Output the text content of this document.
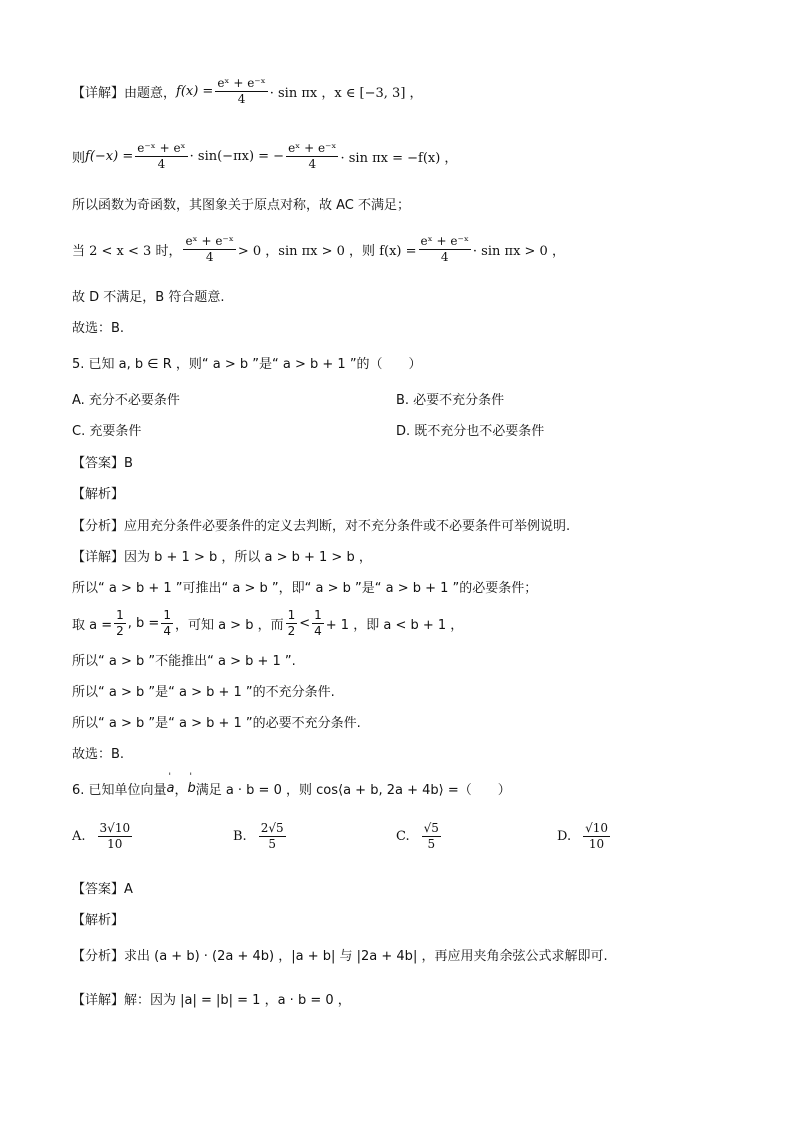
【详解】由题意， $f(x) = \frac{\text{eˣ + e⁻ˣ}}{4} \cdot \sin \pi x$ ，x ∈ [−3, 3] ，
则 $f(-x) = \frac{\text{e⁻ˣ + eˣ}}{4} \cdot \sin(-\pi x)$ = − $\frac{\text{eˣ + e⁻ˣ}}{4} \cdot \sin \pi x = -f(x)$ ，
所以函数为奇函数，其图象关于原点对称，故 AC 不满足；
当 2 < x < 3 时， $\frac{\text{eˣ + e⁻ˣ}}{4} > 0$ ，sin πx > 0 ，则 $f(x) = \frac{\text{eˣ + e⁻ˣ}}{4} \cdot \sin \pi x > 0$ ，
故 D 不满足，B 符合题意.
故选：B.
5. 已知 a, b ∈ R ，则“ a > b ”是“ a > b + 1 ”的（　　）
A. 充分不必要条件	B. 必要不充分条件
C. 充要条件	D. 既不充分也不必要条件
【答案】B
【解析】
【分析】应用充分条件必要条件的定义去判断，对不充分条件或不必要条件可举例说明.
【详解】因为 b + 1 > b ，所以 a > b + 1 > b ，
所以“ a > b + 1 ”可推出“ a > b ”，即“ a > b ”是“ a > b + 1 ”的必要条件；
取 $a = \frac{1}{2}$ , $b = \frac{1}{4}$ ，可知 a > b ，而 $\frac{1}{2} < \frac{1}{4} + 1$ ，即 a < b + 1 ，
所以“ a > b ”不能推出“ a > b + 1 ”.
所以“ a > b ”是“ a > b + 1 ”的不充分条件.
所以“ a > b ”是“ a > b + 1 ”的必要不充分条件.
故选：B.
6. 已知单位向量 ' a ， ' b 满足 a · b = 0 ，则 cos⟨a + b, 2a + 4b⟩ =（　　）
A. $\frac{3√10}{10}$	B. $\frac{2√5}{5}$	C. $\frac{√5}{5}$	D. $\frac{√10}{10}$
【答案】A
【解析】
【分析】求出 (a + b) · (2a + 4b) ，|a + b| 与 |2a + 4b| ，再应用夹角余弦公式求解即可.
【详解】解：因为 |a| = |b| = 1 ，a · b = 0 ，
